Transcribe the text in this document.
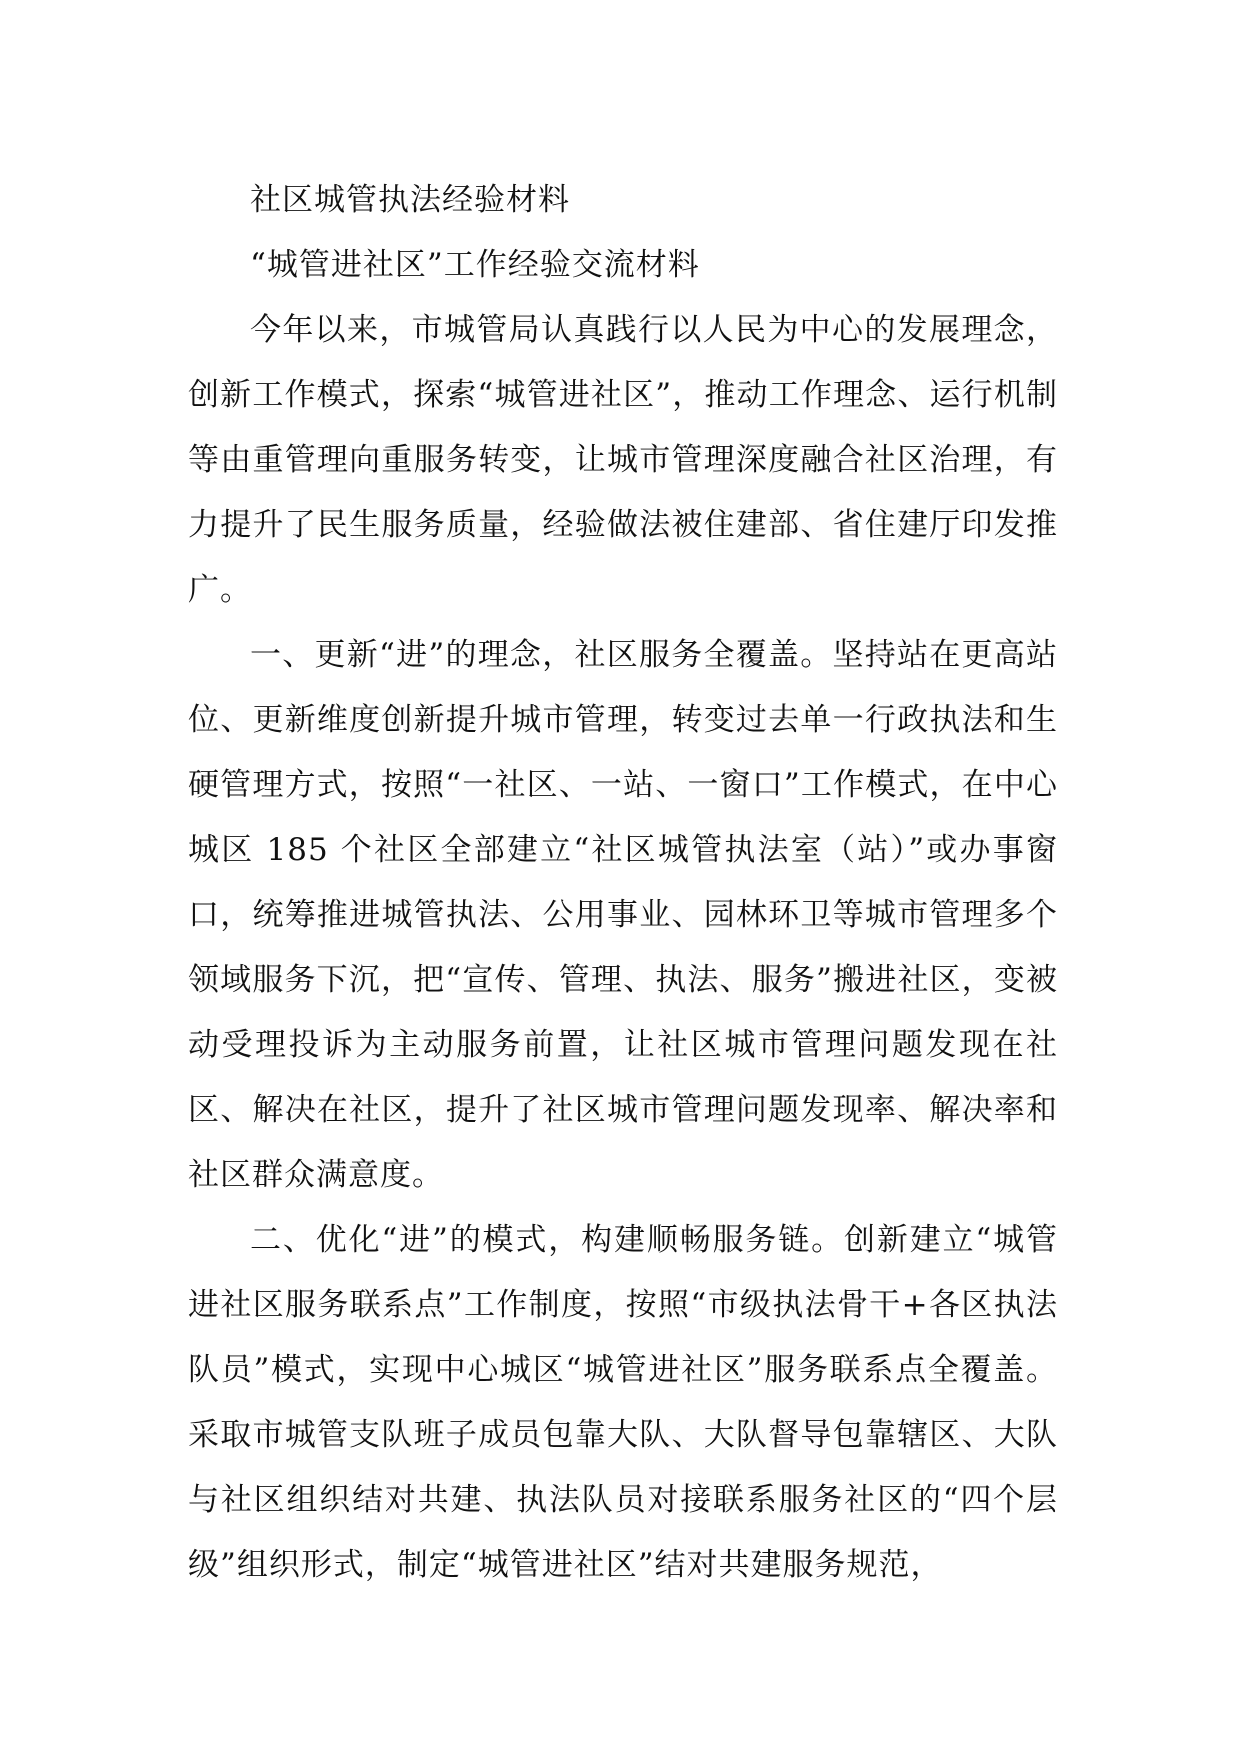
社区城管执法经验材料

“城管进社区”工作经验交流材料

今年以来，市城管局认真践行以人民为中心的发展理念，创新工作模式，探索“城管进社区”，推动工作理念、运行机制等由重管理向重服务转变，让城市管理深度融合社区治理，有力提升了民生服务质量，经验做法被住建部、省住建厅印发推广。

一、更新“进”的理念，社区服务全覆盖。坚持站在更高站位、更新维度创新提升城市管理，转变过去单一行政执法和生硬管理方式，按照“一社区、一站、一窗口”工作模式，在中心城区 185 个社区全部建立“社区城管执法室（站）”或办事窗口，统筹推进城管执法、公用事业、园林环卫等城市管理多个领域服务下沉，把“宣传、管理、执法、服务”搬进社区，变被动受理投诉为主动服务前置，让社区城市管理问题发现在社区、解决在社区，提升了社区城市管理问题发现率、解决率和社区群众满意度。

二、优化“进”的模式，构建顺畅服务链。创新建立“城管进社区服务联系点”工作制度，按照“市级执法骨干+各区执法队员”模式，实现中心城区“城管进社区”服务联系点全覆盖。采取市城管支队班子成员包靠大队、大队督导包靠辖区、大队与社区组织结对共建、执法队员对接联系服务社区的“四个层级”组织形式，制定“城管进社区”结对共建服务规范，
